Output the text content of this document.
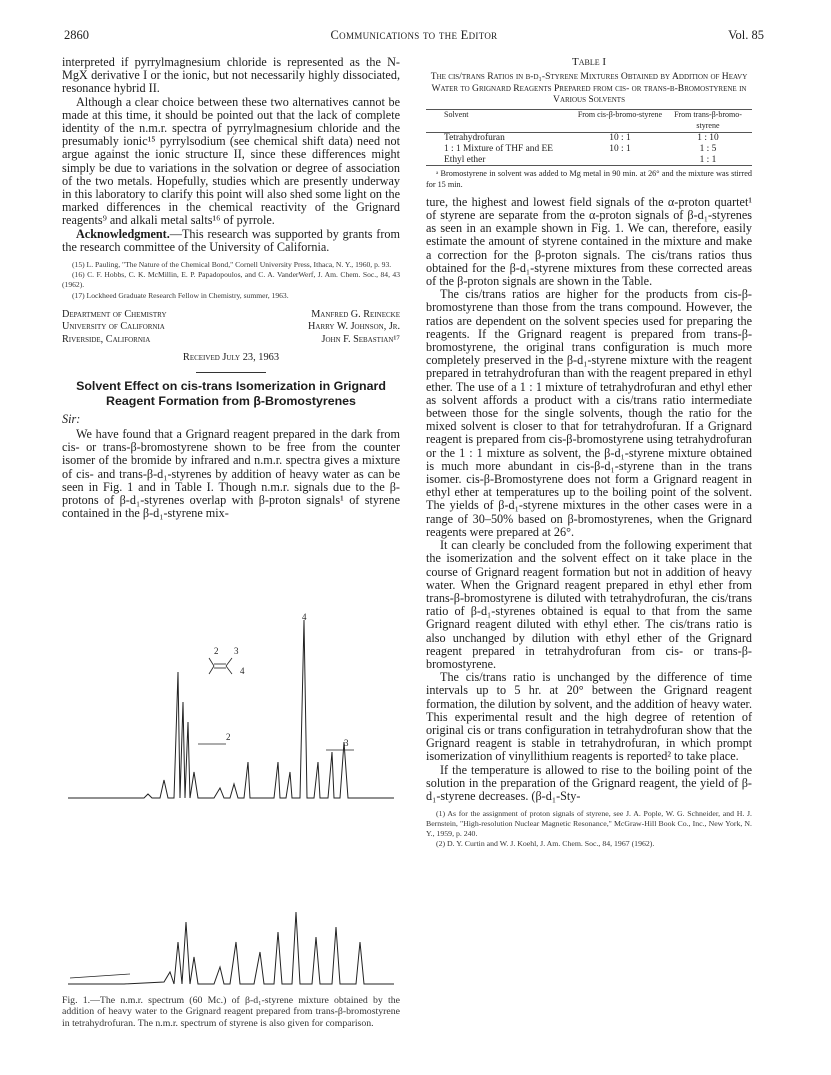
2860	Communications to the Editor	Vol. 85

interpreted if pyrrylmagnesium chloride is represented as the N-MgX derivative I or the ionic, but not necessarily highly dissociated, resonance hybrid II.

Although a clear choice between these two alternatives cannot be made at this time, it should be pointed out that the lack of complete identity of the n.m.r. spectra of pyrrylmagnesium chloride and the presumably ionic¹⁵ pyrrylsodium (see chemical shift data) need not argue against the ionic structure II, since these differences might simply be due to variations in the solvation or degree of association of the two metals. Hopefully, studies which are presently underway in this laboratory to clarify this point will also shed some light on the marked differences in the chemical reactivity of the Grignard reagents⁹ and alkali metal salts¹⁶ of pyrrole.

Acknowledgment.—This research was supported by grants from the research committee of the University of California.

(15) L. Pauling, "The Nature of the Chemical Bond," Cornell University Press, Ithaca, N. Y., 1960, p. 93.

(16) C. F. Hobbs, C. K. McMillin, E. P. Papadopoulos, and C. A. VanderWerf, J. Am. Chem. Soc., 84, 43 (1962).

(17) Lockheed Graduate Research Fellow in Chemistry, summer, 1963.

Department of Chemistry	Manfred G. Reinecke
University of California	Harry W. Johnson, Jr.
Riverside, California	John F. Sebastian¹⁷
Received July 23, 1963
Solvent Effect on cis-trans Isomerization in Grignard Reagent Formation from β-Bromostyrenes
Sir:

We have found that a Grignard reagent prepared in the dark from cis- or trans-β-bromostyrene shown to be free from the counter isomer of the bromide by infrared and n.m.r. spectra gives a mixture of cis- and trans-β-d₁-styrenes by addition of heavy water as can be seen in Fig. 1 and in Table I. Though n.m.r. signals due to the β-protons of β-d₁-styrenes overlap with β-proton signals¹ of styrene contained in the β-d₁-styrene mix-

4
2 3
4
2
3
Fig. 1.—The n.m.r. spectrum (60 Mc.) of β-d₁-styrene mixture obtained by the addition of heavy water to the Grignard reagent prepared from trans-β-bromostyrene in tetrahydrofuran. The n.m.r. spectrum of styrene is also given for comparison.
Table I
The cis/trans Ratios in β-d₁-Styrene Mixtures Obtained by Addition of Heavy Water to Grignard Reagents Prepared from cis- or trans-β-Bromostyrene in Various Solvents
Solvent	From cis-β-bromo-styrene	From trans-β-bromo-styrene
Tetrahydrofuran	10 : 1	1 : 10
1 : 1 Mixture of THF and EE	10 : 1	1 : 5
Ethyl ether		1 : 1
ᵃ Bromostyrene in solvent was added to Mg metal in 90 min. at 26° and the mixture was stirred for 15 min.

ture, the highest and lowest field signals of the α-proton quartet¹ of styrene are separate from the α-proton signals of β-d₁-styrenes as seen in an example shown in Fig. 1. We can, therefore, easily estimate the amount of styrene contained in the mixture and make a correction for the β-proton signals. The cis/trans ratios thus obtained for the β-d₁-styrene mixtures from these corrected areas of the β-proton signals are shown in the Table.

The cis/trans ratios are higher for the products from cis-β-bromostyrene than those from the trans compound. However, the ratios are dependent on the solvent species used for preparing the reagents. If the Grignard reagent is prepared from trans-β-bromostyrene, the original trans configuration is much more completely preserved in the β-d₁-styrene mixture with the reagent prepared in tetrahydrofuran than with the reagent prepared in ethyl ether. The use of a 1 : 1 mixture of tetrahydrofuran and ethyl ether as solvent affords a product with a cis/trans ratio intermediate between those for the single solvents, though the ratio for the mixed solvent is closer to that for tetrahydrofuran. If a Grignard reagent is prepared from cis-β-bromostyrene using tetrahydrofuran or the 1 : 1 mixture as solvent, the β-d₁-styrene mixture obtained is much more abundant in cis-β-d₁-styrene than in the trans isomer. cis-β-Bromostyrene does not form a Grignard reagent in ethyl ether at temperatures up to the boiling point of the solvent. The yields of β-d₁-styrene mixtures in the other cases were in a range of 30–50% based on β-bromostyrenes, when the Grignard reagents were prepared at 26°.

It can clearly be concluded from the following experiment that the isomerization and the solvent effect on it take place in the course of Grignard reagent formation but not in addition of heavy water. When the Grignard reagent prepared in ethyl ether from trans-β-bromostyrene is diluted with tetrahydrofuran, the cis/trans ratio of β-d₁-styrenes obtained is equal to that from the same Grignard reagent diluted with ethyl ether. The cis/trans ratio is also unchanged by dilution with ethyl ether of the Grignard reagent prepared in tetrahydrofuran from cis- or trans-β-bromostyrene.

The cis/trans ratio is unchanged by the difference of time intervals up to 5 hr. at 20° between the Grignard reagent formation, the dilution by solvent, and the addition of heavy water. This experimental result and the high degree of retention of original cis or trans configuration in tetrahydrofuran show that the Grignard reagent is stable in tetrahydrofuran, in which prompt isomerization of vinyllithium reagents is reported² to take place.

If the temperature is allowed to rise to the boiling point of the solution in the preparation of the Grignard reagent, the yield of β-d₁-styrene decreases. (β-d₁-Sty-

(1) As for the assignment of proton signals of styrene, see J. A. Pople, W. G. Schneider, and H. J. Bernstein, "High-resolution Nuclear Magnetic Resonance," McGraw-Hill Book Co., Inc., New York, N. Y., 1959, p. 240.

(2) D. Y. Curtin and W. J. Koehl, J. Am. Chem. Soc., 84, 1967 (1962).
